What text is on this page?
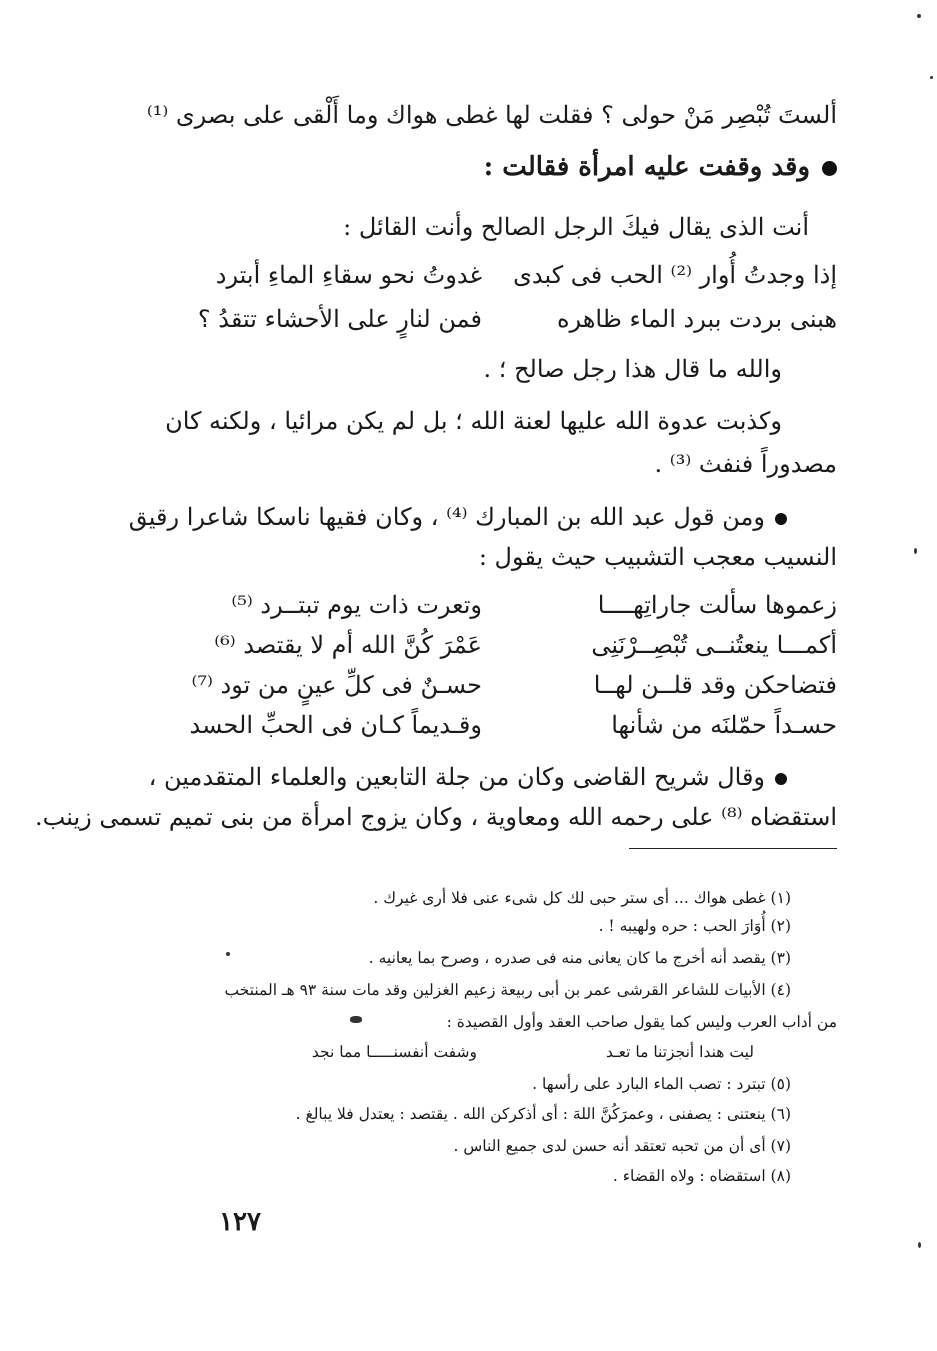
ألستَ تُبْصِر مَنْ حولى ؟ فقلت لها غطى هواك وما أَلْقى على بصرى ⁽¹⁾
وقد وقفت عليه امرأة فقالت :
أنت الذى يقال فيكَ الرجل الصالح وأنت القائل :
إذا وجدتُ أُوار ⁽²⁾ الحب فى كبدى
غدوتُ نحو سقاءِ الماءِ أبترد
هبنى بردت ببرد الماء ظاهره
فمن لنارٍ على الأحشاء تتقدُ ؟
والله ما قال هذا رجل صالح ؛ .
وكذبت عدوة الله عليها لعنة الله ؛ بل لم يكن مرائيا ، ولكنه كان
مصدوراً فنفث ⁽³⁾ .
ومن قول عبد الله بن المبارك ⁽⁴⁾ ، وكان فقيها ناسكا شاعرا رقيق
النسيب معجب التشبيب حيث يقول :
زعموها سألت جاراتِهــــا
وتعرت ذات يوم تبتــرد ⁽⁵⁾
أكمـــا ينعتُنــى تُبْصِــرْنَنِى
عَمْرَ كُنَّ الله أم لا يقتصد ⁽⁶⁾
فتضاحكن وقد قلــن لهــا
حسـنٌ فى كلِّ عينٍ من تود ⁽⁷⁾
حسـداً حمّلنَه من شأنها
وقـديماً كـان فى الحبِّ الحسد
وقال شريح القاضى وكان من جلة التابعين والعلماء المتقدمين ،
استقضاه ⁽⁸⁾ على رحمه الله ومعاوية ، وكان يزوج امرأة من بنى تميم تسمى زينب.
(١) غطى هواك ... أى ستر حبى لك كل شىء عنى فلا أرى غيرك .
(٢) أُوَارَ الحب : حره ولهيبه ! .
(٣) يقصد أنه أخرج ما كان يعانى منه فى صدره ، وصرح بما يعانيه .
(٤) الأبيات للشاعر القرشى عمر بن أبى ربيعة زعيم الغزلين وقد مات سنة ٩٣ هـ المنتخب
من أداب العرب وليس كما يقول صاحب العقد وأول القصيدة :
ليت هندا أنجزتنا ما تعـد
وشفت أنفسنـــــا مما نجد
(٥) تبترد : تصب الماء البارد على رأسها .
(٦) ينعتنى : يصفنى ، وعمرَكُنَّ اللهَ : أى أذكركن الله . يقتصد : يعتدل فلا يبالغ .
(٧) أى أن من تحبه تعتقد أنه حسن لدى جميع الناس .
(٨) استقضاه : ولاه القضاء .
١٢٧
